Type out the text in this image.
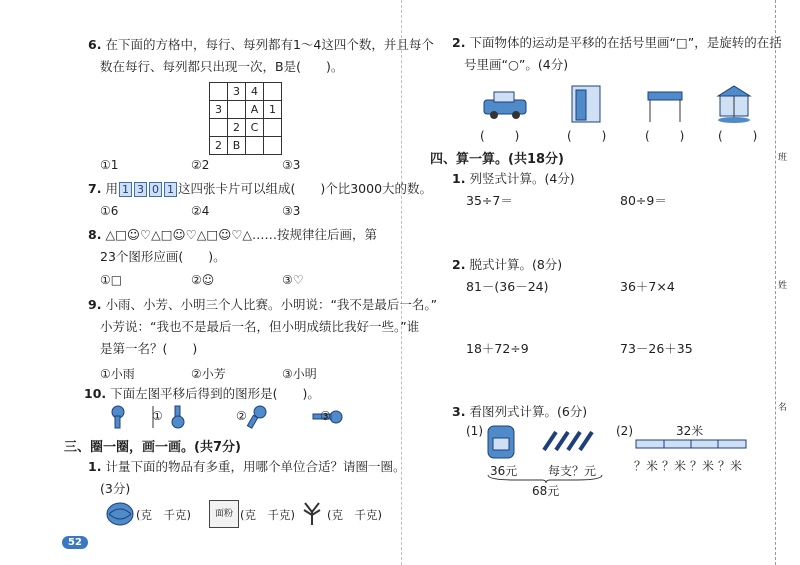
6. 在下面的方格中，每行、每列都有1～4这四个数，并且每个
数在每行、每列都只出现一次，B是(　　)。
	3	4	
3		A	1
	2	C	
2	B		
①1	②2	③3
7. 用 1 3 0 1 这四张卡片可以组成(　　)个比3000大的数。
①6	②4	③3
8. △□☺♡△□☺♡△□☺♡△……按规律往后画，第
23个图形应画(　　)。
①□	②☺	③♡
9. 小雨、小芳、小明三个人比赛。小明说：“我不是最后一名。”
小芳说：“我也不是最后一名，但小明成绩比我好一些。”谁
是第一名？(　　)
①小雨	②小芳	③小明
10. 下面左图平移后得到的图形是(　　)。
①	②	③
三、圈一圈，画一画。(共7分)
1. 计量下面的物品有多重，用哪个单位合适？请圈一圈。
(3分)
(克　千克)	面粉 (克　千克)	(克　千克)
52
2. 下面物体的运动是平移的在括号里画“□”，是旋转的在括
号里画“○”。(4分)
(　　)	(　　)	(　　)	(　　)
四、算一算。(共18分)
1. 列竖式计算。(4分)
35÷7＝	80÷9＝
2. 脱式计算。(8分)
81－(36－24)	36＋7×4
18＋72÷9	73－26＋35
3. 看图列式计算。(6分)
(1)
36元	每支？元
68元
(2)	32米
？米 ？米 ？米 ？米
班
姓
名
